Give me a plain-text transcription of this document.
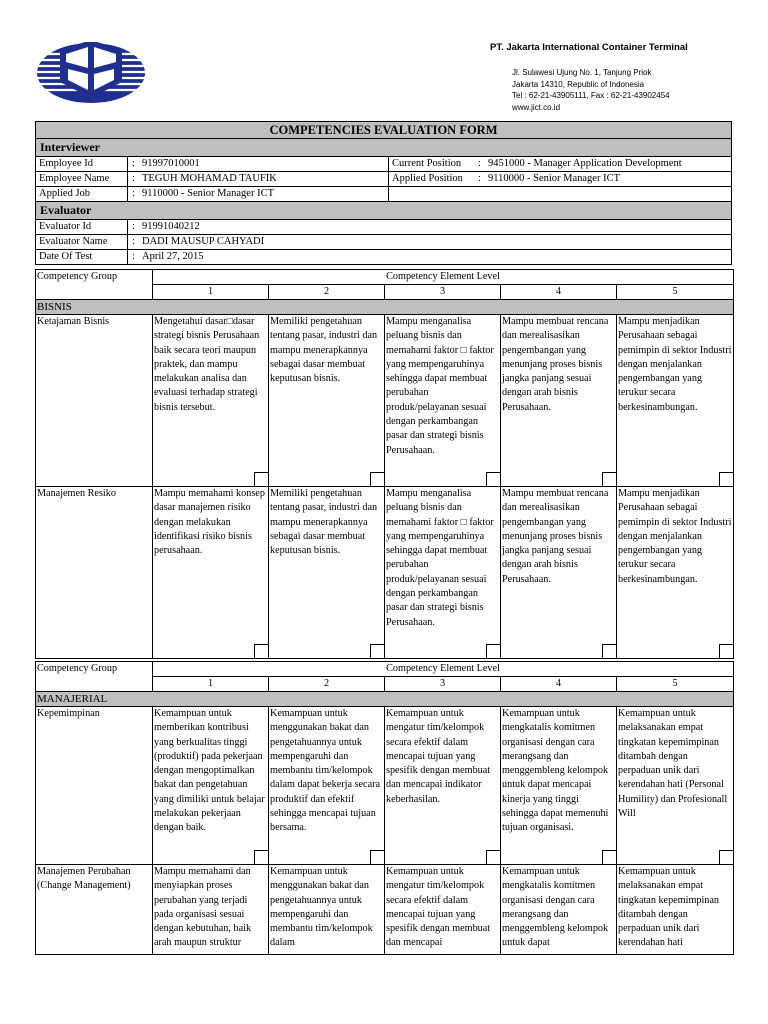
PT. Jakarta International Container Terminal
Jl. Sulawesi Ujung No. 1, Tanjung Priok
Jakarta 14310, Republic of Indonesia
Tel : 62-21-43905111, Fax : 62-21-43902454
www.jict.co.id
COMPETENCIES EVALUATION FORM
Interviewer
Employee Id	: 91997010001	Current Position	: 9451000 - Manager Application Development
Employee Name	: TEGUH MOHAMAD TAUFIK	Applied Position	: 9110000 - Senior Manager ICT
Applied Job	: 9110000 - Senior Manager ICT
Evaluator
Evaluator Id	: 91991040212
Evaluator Name	: DADI MAUSUP CAHYADI
Date Of Test	: April 27, 2015
Competency Group	Competency Element Level				
	1	2	3	4	5
BISNIS					
Ketajaman Bisnis	Mengetahui dasar□dasar strategi bisnis Perusahaan baik secara teori maupun praktek, dan mampu melakukan analisa dan evaluasi terhadap strategi bisnis tersebut.	Memiliki pengetahuan tentang pasar, industri dan mampu menerapkannya sebagai dasar membuat keputusan bisnis.	Mampu menganalisa peluang bisnis dan memahami faktor □ faktor yang mempengaruhinya sehingga dapat membuat perubahan produk/pelayanan sesuai dengan perkambangan pasar dan strategi bisnis Perusahaan.	Mampu membuat rencana dan merealisasikan pengembangan yang menunjang proses bisnis jangka panjang sesuai dengan arah bisnis Perusahaan.	Mampu menjadikan Perusahaan sebagai pemimpin di sektor Industri dengan menjalankan pengembangan yang terukur secara berkesinambungan.

Manajemen Resiko	Mampu memahami konsep dasar manajemen risiko dengan melakukan identifikasi risiko bisnis perusahaan.	Memiliki pengetahuan tentang pasar, industri dan mampu menerapkannya sebagai dasar membuat keputusan bisnis.	Mampu menganalisa peluang bisnis dan memahami faktor □ faktor yang mempengaruhinya sehingga dapat membuat perubahan produk/pelayanan sesuai dengan perkambangan pasar dan strategi bisnis Perusahaan.	Mampu membuat rencana dan merealisasikan pengembangan yang menunjang proses bisnis jangka panjang sesuai dengan arah bisnis Perusahaan.	Mampu menjadikan Perusahaan sebagai pemimpin di sektor Industri dengan menjalankan pengembangan yang terukur secara berkesinambungan.
Competency Group	Competency Element Level				
	1	2	3	4	5
MANAJERIAL					
Kepemimpinan	Kemampuan untuk memberikan kontribusi yang berkualitas tinggi (produktif) pada pekerjaan dengan mengoptimalkan bakat dan pengetahuan yang dimiliki untuk belajar melakukan pekerjaan dengan baik.	Kemampuan untuk menggunakan bakat dan pengetahuannya untuk mempengaruhi dan membantu tim/kelompok dalam dapat bekerja secara produktif dan efektif sehingga mencapai tujuan bersama.	Kemampuan untuk mengatur tim/kelompok secara efektif dalam mencapai tujuan yang spesifik dengan membuat dan mencapai indikator keberhasilan.	Kemampuan untuk mengkatalis komitmen organisasi dengan cara merangsang dan menggembleng kelompok untuk dapat mencapai kinerja yang tinggi sehingga dapat memenuhi tujuan organisasi.	Kemampuan untuk melaksanakan empat tingkatan kepemimpinan ditambah dengan perpaduan unik dari kerendahan hati (Personal Humility) dan Profesionall Will

Manajemen Perubahan (Change Management)	Mampu memahami dan menyiapkan proses perubahan yang terjadi pada organisasi sesuai dengan kebutuhan, baik arah maupun struktur	Kemampuan untuk menggunakan bakat dan pengetahuannya untuk mempengaruhi dan membantu tim/kelompok dalam	Kemampuan untuk mengatur tim/kelompok secara efektif dalam mencapai tujuan yang spesifik dengan membuat dan mencapai	Kemampuan untuk mengkatalis komitmen organisasi dengan cara merangsang dan menggembleng kelompok untuk dapat	Kemampuan untuk melaksanakan empat tingkatan kepemimpinan ditambah dengan perpaduan unik dari kerendahan hati
